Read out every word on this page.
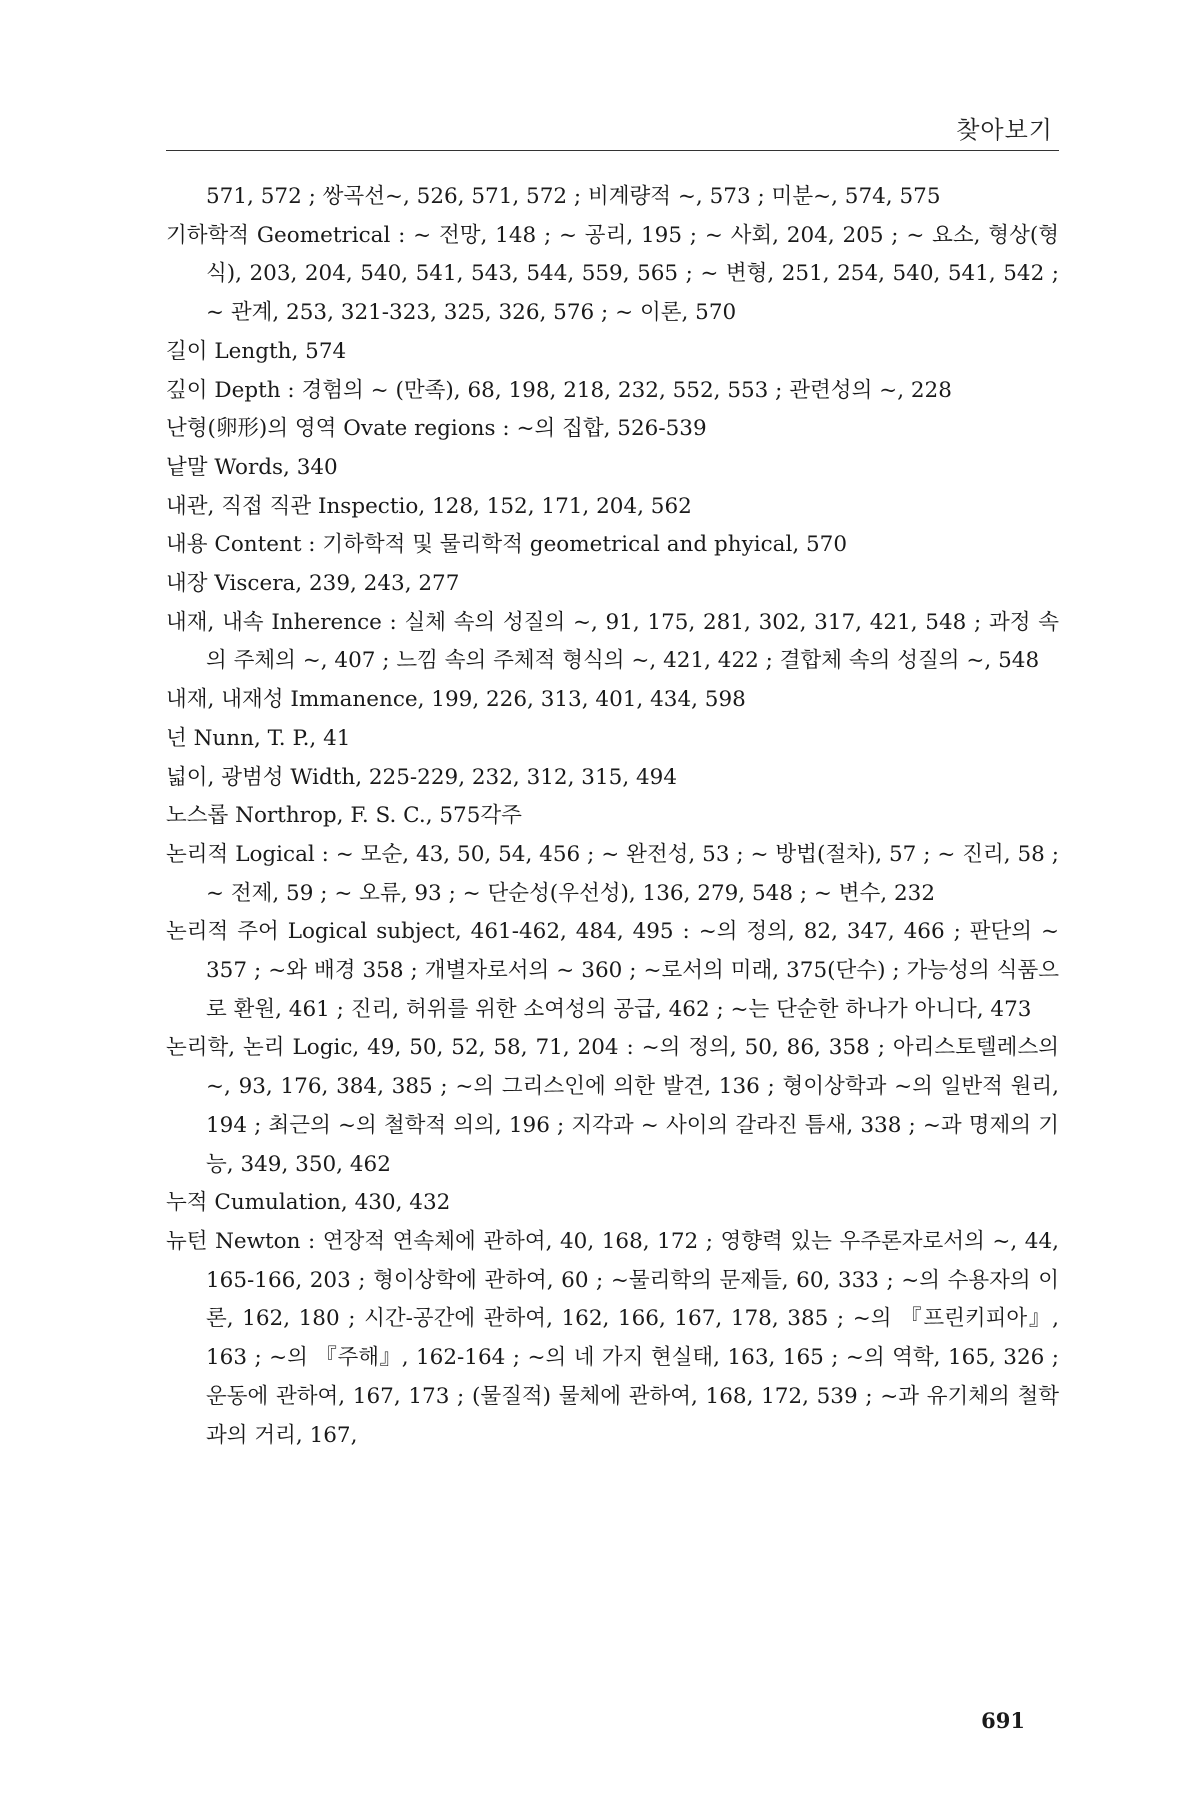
찾아보기

571, 572 ; 쌍곡선~, 526, 571, 572 ; 비계량적 ~, 573 ; 미분~, 574, 575

기하학적 Geometrical : ~ 전망, 148 ; ~ 공리, 195 ; ~ 사회, 204, 205 ; ~ 요소, 형상(형식), 203, 204, 540, 541, 543, 544, 559, 565 ; ~ 변형, 251, 254, 540, 541, 542 ; ~ 관계, 253, 321-323, 325, 326, 576 ; ~ 이론, 570

길이 Length, 574

깊이 Depth : 경험의 ~ (만족), 68, 198, 218, 232, 552, 553 ; 관련성의 ~, 228

난형(卵形)의 영역 Ovate regions : ~의 집합, 526-539

낱말 Words, 340

내관, 직접 직관 Inspectio, 128, 152, 171, 204, 562

내용 Content : 기하학적 및 물리학적 geometrical and phyical, 570

내장 Viscera, 239, 243, 277

내재, 내속 Inherence : 실체 속의 성질의 ~, 91, 175, 281, 302, 317, 421, 548 ; 과정 속의 주체의 ~, 407 ; 느낌 속의 주체적 형식의 ~, 421, 422 ; 결합체 속의 성질의 ~, 548

내재, 내재성 Immanence, 199, 226, 313, 401, 434, 598

넌 Nunn, T. P., 41

넓이, 광범성 Width, 225-229, 232, 312, 315, 494

노스롭 Northrop, F. S. C., 575각주

논리적 Logical : ~ 모순, 43, 50, 54, 456 ; ~ 완전성, 53 ; ~ 방법(절차), 57 ; ~ 진리, 58 ; ~ 전제, 59 ; ~ 오류, 93 ; ~ 단순성(우선성), 136, 279, 548 ; ~ 변수, 232

논리적 주어 Logical subject, 461-462, 484, 495 : ~의 정의, 82, 347, 466 ; 판단의 ~ 357 ; ~와 배경 358 ; 개별자로서의 ~ 360 ; ~로서의 미래, 375(단수) ; 가능성의 식품으로 환원, 461 ; 진리, 허위를 위한 소여성의 공급, 462 ; ~는 단순한 하나가 아니다, 473

논리학, 논리 Logic, 49, 50, 52, 58, 71, 204 : ~의 정의, 50, 86, 358 ; 아리스토텔레스의 ~, 93, 176, 384, 385 ; ~의 그리스인에 의한 발견, 136 ; 형이상학과 ~의 일반적 원리, 194 ; 최근의 ~의 철학적 의의, 196 ; 지각과 ~ 사이의 갈라진 틈새, 338 ; ~과 명제의 기능, 349, 350, 462

누적 Cumulation, 430, 432

뉴턴 Newton : 연장적 연속체에 관하여, 40, 168, 172 ; 영향력 있는 우주론자로서의 ~, 44, 165-166, 203 ; 형이상학에 관하여, 60 ; ~물리학의 문제들, 60, 333 ; ~의 수용자의 이론, 162, 180 ; 시간-공간에 관하여, 162, 166, 167, 178, 385 ; ~의 『프린키피아』, 163 ; ~의 『주해』, 162-164 ; ~의 네 가지 현실태, 163, 165 ; ~의 역학, 165, 326 ; 운동에 관하여, 167, 173 ; (물질적) 물체에 관하여, 168, 172, 539 ; ~과 유기체의 철학과의 거리, 167,

691
